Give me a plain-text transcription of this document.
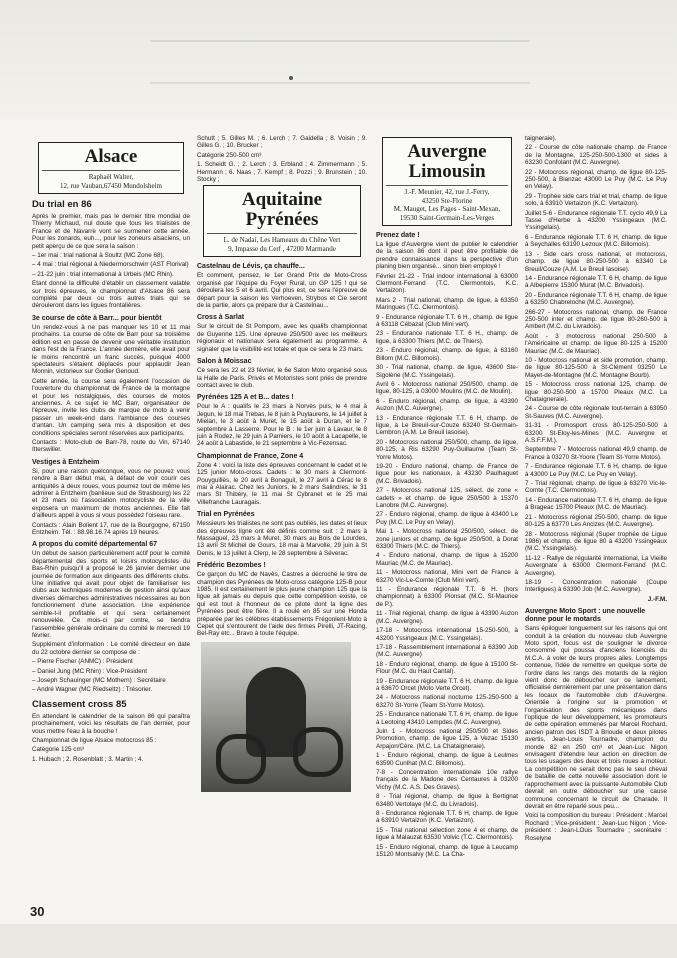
Alsace
Raphaël Walter,
12, rue Vauban,67450 Mundolsheim
Du trial en 86

Après le premier, mais pas le dernier titre mondial de Thierry Michaud, nul doute que tous les trialistes de France et de Navarre vont se surmener cette année. Pour les zonards, euh..., pour les zoneurs alsaciens, un petit aperçu de ce que sera la saison :

– 1er mai : trial national à Soultz (MC Zone 68).

– 4 mai : trial régional à Niedermorschwirr (AST Florival)

– 21-22 juin : trial international à Urbeis (MC Rhin).

Etant donné la difficulté d'établir un classement valable sur trois épreuves, le championnat d'Alsace 86 sera complété par deux ou trois autres trials qui se dérouleront dans les ligues frontalières.

3e course de côte à Barr... pour bientôt

Un rendez-vous à ne pas manquer les 10 et 11 mai prochains. La course de côte de Barr pour sa troisième édition est en passe de devenir une véritable institution dans l'est de la France. L'année dernière, elle avait pour le moins rencontré un franc succès, puisque 4000 spectateurs s'étaient déplacés pour applaudir Jean Monnin, victorieux sur Godier Genoud.

Cette année, la course sera également l'occasion de l'ouverture du championnat de France de la montagne et pour les nostalgiques, des courses de motos anciennes. A ce sujet le MC Barr, organisateur de l'épreuve, invite les clubs de marque de moto à venir passer un week-end dans l'ambiance des courses d'antan. Un camping sera mis à disposition et des conditions spéciales seront réservées aux participants.

Contacts : Moto-club de Barr-78, route du Vin, 67140 Itterswiller.

Vestiges à Entzheim

Si, pour une raison quelconque, vous ne pouvez vous rendre à Barr début mai, à défaut de voir courir ces antiquités à deux roues, vous pourrez tout de même les admirer à Entzheim (banlieue sud de Strasbourg) les 22 et 23 mars où l'association motocycliste de la ville exposera un maximum de motos anciennes. Elle fait d'ailleurs appel à vous si vous possédez l'oiseau rare.

Contacts : Alain Bolient 17, rue de la Bourgogne, 67150 Entzheim. Tél. : 88.98.16.74 après 19 heures.

A propos du comité départemental 67

Un début de saison particulièrement actif pour le comité départemental des sports et loisirs motocyclistes du Bas-Rhin puisqu'il a proposé le 26 janvier dernier une journée de formation aux dirigeants des différents clubs. Une initiative qui avait pour objet de familiariser les clubs aux techniques modernes de gestion ainsi qu'aux diverses démarches administratives nécessaires au bon fonctionnement d'une association. Une expérience semble-t-il profitable et qui sera certainement renouvelée. Ce mois-ci par contre, se tiendra l'assemblée générale ordinaire du comité le mercredi 19 février.

Supplément d'information : Le comité directeur en date du 22 octobre dernier se compose de :

– Pierre Fischer (ANMC) : Président

– Daniel Jung (MC Rhin) : Vice-Président

– Joseph Schauinger (MC Mothern) : Secrétaire

– André Wagner (MC Riedseltz) : Trésorier.

Classement cross 85

En attendant le calendrier de la saison 86 qui paraîtra prochainement, voici les résultats de l'an dernier, pour vous mettre l'eau à la bouche !

Championnat de ligue Alsace motocross 85 :

Catégorie 125 cm³

1. Hubach ; 2. Rosenblatt ; 3. Martin ; 4.

Schutt ; 5. Gilles M. ; 6. Lerch ; 7. Gaidella ; 8. Voisin ; 9. Gilles G. ; 10. Brucker ;

Catégorie 250-500 cm³

1. Scheidt G. ; 2. Lerch ; 3. Erbland ; 4. Zimmermann ; 5. Hermann ; 6. Naas ; 7. Kempf ; 8. Pozzi ; 9. Brunstein ; 10. Stocky ;

Aquitaine
Pyrénées
L. de Nadai, Les Hameaux du Chêne Vert
9, Impasse du Cerf , 47200 Marmande
Castelnau de Lévis, ça chauffe...

Et comment, pensez, le 1er Grand Prix de Moto-Cross organisé par l'équipe du Foyer Rural, un GP 125 ! qui se déroulera les 5 et 6 avril. Qui plus est, ce sera l'épreuve de départ pour la saison les Verhoeven, Strybos et Cie seront de la partie, alors ça prépare dur à Castelnau...

Cross à Sarlat

Sur le circuit de St Pompom, avec les qualifs championnat de Guyenne 125. Une épreuve 250/500 avec les meilleurs régionaux et nationaux sera également au programme. A signaler que la visibilité est totale et que ce sera le 23 mars.

Salon à Moissac

Ce sera les 22 et 23 février, le 6e Salon Moto organisé sous la Halle de Paris. Privés et Motoristes sont priés de prendre contact avec le club.

Pyrénées 125 A et B... dates !

Pour le A : qualifs le 23 mars à Norvès puis, le 4 mai à Jegun, le 18 mai Trebas, le 8 juin à Puylaurens, le 14 juillet à Mielan, le 3 août à Muret, le 15 août à Duran, et le 7 septembre à Lasserre. Pour le B : le 1er juin à Lavaur, le 8 juin à Rodez, le 29 juin à Pamiers, le 10 août à Lacapelle, le 24 août à Labastide, le 21 septembre à Vic-Fezensac.

Championnat de France, Zone 4

Zone 4 : voici la liste des épreuves concernant le cadet et le 125 junior Moto-cross. Cadets : le 30 mars à Clermont-Pouyguillès, le 20 avril à Bonaguil, le 27 avril à Cérac le 8 mai à Alairac. Chez les Juniors, le 2 mars Salindres, le 31 mars St Thibéry, le 11 mai St Cybranet et le 25 mai Villefranche Lauragais.

Trial en Pyrénées

Messieurs les trialistes ne sont pas oubliés, les dates et lieux des épreuves ligne ont été définis comme suit : 2 mars à Massaguel, 23 mars à Muret, 30 mars au Bois de Lourdes, 13 avril St Michel de Gours, 18 mai à Marvolle, 29 juin à St Denis, le 13 juillet à Clerp, le 28 septembre à Séverac.

Frédéric Bezombes !

Ce garçon du MC de Navès, Castres a décroché le titre de champion des Pyrénées de Moto-cross catégorie 125-B pour 1985. Il est certainement le plus jeune champion 125 que la ligue ait jamais eu depuis que cette compétition existe, ce qui est tout à l'honneur de ce pilote dont la ligne des Pyrénées peut être fière. Il a roulé en 85 sur une Honda préparée par les célèbres établissements Frégonlent-Moto à Cepet qui s'entourent de l'aide des firmes Pirelli, JT-Racing, Bel-Ray etc... Bravo à toute l'équipe.

Auvergne
Limousin
J.-F. Meunier, 42, rue J.-Ferry,
43250 Ste-Florine
M. Mauget, Les Pages - Saint-Mexan,
19530 Saint-Germain-Les-Verges
Prenez date !

La ligue d'Auvergne vient de publier le calendrier de la saison 86 dont il peut être profitable de prendre connaissance dans la perspective d'un planing bien organisé... sinon bien employé !

Février 21-22 - Trial indoor international à 63000 Clermont-Ferrand (T.C. Clermontois, K.C. Vertaizon).

Mars 2 - Trial national, champ. de ligue, à 63350 Maringues (T.C. Clermontois).

9 - Endurance régionale T.T. 6 H., champ. de ligue à 63118 Cébazat (Club Mini vert).

23 - Endurance nationale T.T. 6 H., champ. de ligue, à 63300 Thiers (M.C. de Thiers).

23 - Enduro régional, champ. de ligue, à 63160 Billom (M.C. Billomois).

30 - Trial national, champ. de ligue, 43600 Ste-Sigolène (M.C. Yssingelais).

Avril 6 - Motocross national 250/500, champ. de ligue, 80-125, à 03000 Moulins (M.C. de Moulin).

6 - Enduro régional, champ. de ligue, à 43390 Auzon (M.C. Auvergne).

13 - Endurance régionale T.T. 6 H, champ. de ligue, à Le Breuil-sur-Couze 63240 St-Germain-Lembron (A.M. Le Breuil lasoise).

20 - Motocross national 250/500, champ. de ligue, 80-125, à Ris 63290 Puy-Guillaume (Team St-Yorre Motos).

19-20 - Enduro national, champ. de France de ligue pour les nationaux, à 43230 Paulhaguet (M.C. Brivadois).

27 - Motocross national 125, sélect. de zone « cadets » et champ. de ligue 250/500 à 15370 Lanobre (M.C. Auvergne).

27 - Enduro régional, champ. de ligue à 43400 Le Puy (M.C. Le Puy en Velay).

Mai 1 - Motocross national 250/500, sélect. de zone juniors et champ. de ligue 250/500, à Dorat 63300 Thiers (M.C. de Thiers).

4 - Enduro national, champ. de ligue à 15200 Mauriac (M.C. de Mauriac).

11 - Motocross national, Mini vert de France à 63270 Vic-Le-Comte (Club Mini vert).

11 - Endurance régionale T.T. 6 H. (hors championnat) à 63300 Pionsat (M.C. St-Maurice de P.).

11 - Trial régional, champ. de ligue à 43390 Auzon (M.C. Auvergne).

17-18 - Motocross international 15-250-500, à 43200 Yssingeaux (M.C. Yssingelais).

17-18 - Rassemblement international à 63390 Job (M.C. Auvergne)

18 - Enduro régional, champ. de ligue à 15100 St-Flour (M.C. du Haut Cantal).

19 - Endurance régionale T.T. 6 H, champ. de ligue à 63670 Orcet (Moto Verte Orcet).

24 - Motocross national nocturne 125-250-500 à 63270 St-Yorre (Team St-Yorre Motos).

25 - Endurance nationale T.T. 6 H, champ. de ligue à Leotoing 43410 Lempdes (M.C. Auvergne).

Juin 1 - Motocross national 250/500 et Sides Promotion, champ. de ligue 125, à Vezac 15130 Arpajon/Cère. (M.C. La Chataigneraie).

1 - Enduro régional, champ. de ligue à Leulmes 63590 Cunlhat (M.C. Billomois).

7-8 - Concentration internationale 10e rallye français de la Madone des Centaures à 03200 Vichy (M.C. A.S. Des Graves).

8 - Trial régional, champ. de ligue à Bertignat 63480 Vertolaye (M.C. du Livradois).

8 - Endurance régionale T.T. 6 H, champ. de ligue à 63910 Vertaizon (K.C. Vertaizon).

15 - Trial national sélection zone 4 et champ. de ligue à Malauzat 63530 Volvic (T.C. Clermontois).

15 - Enduro régional, champ. de ligue à Leucamp 15120 Montsalvy (M.C. La Cha-

taigneraie).

22 - Course de côte nationale champ. de France de la Montagne, 125-250-500-1300 et sides à 63230 Confolant (M.C. Auvergne).

22 - Motocross régional, champ. de ligue 80-125-250-500, à Bianzac 43000 Le Puy (M.C. Le Puy en Velay).

29 - Trophée side cars trial et trial, champ. de ligue solo, à 63910 Vertaizon (K.C. Vertaizon).

Juillet 5-6 - Endurance régionale T.T. cyclo 49,9 La Tasse d'Herbe à 43200 Yssingeaux (M.C. Yssingelais).

6 - Endurance régionale T.T. 6 H, champ. de ligue à Seychalles 63190 Lezoux (M.C. Billomois).

13 - Side cars cross national, et motocross, champ. de ligue 80-250-500 à 63340 Le Breuil/Couze (A.M. Le Breuil lasoise).

14 - Endurance régionale T.T. 6 H, champ. de ligue à Albepierre 15300 Murat (M.C. Brivadois).

20 - Endurance régionale T.T. 6 H, champ. de ligue à 63250 Chabreloche (M.C. Auvergne).

266-27 - Motocross national, champ. de France 250-500 inter et champ. de ligue 80-260-500 à Ambert (M.C. du Livradois).

Août - 3 motocross national 250-500 à l'Américaine et champ. de ligue 80-125 à 15200 Mauriac (M.C. de Mauriac).

10 - Motocross national et side promotion, champ. de ligue 80-125-500 à St-Clément 03250 Le Mayet-de-Montagne (M.C. Montagne Bourb).

15 - Motocross cross national 125, champ. de ligue 80-250-500 à 15700 Pleaux (M.C. La Chataigneraie).

24 - Course de côte régionale tout-terrain à 63950 St-Sauves (M.C. Auvergne).

31-31 - Promosport cross 80-125-250-500 à 63200 St-Eloy-les-Mines (M.C. Auvergne et A.S.F.F.M.).

Septembre 7 - Motocross national 49,9 champ. de France à 03270 St-Yoore (Team St-Yorre Motos).

7 - Endurance régionale T.T. 6 H, champ. de ligue à 43000 Le Puy (M.C. Le Puy en Velay).

7 - Trial régional, champ. de ligue à 63270 Vic-le-Comte (T.C. Clermontois).

14 - Endurance nationale T.T. 6 H, champ. de ligue à Brageac 15700 Pleaux (M.C. de Mauriac).

21 - Motocross régional 250-500, champ. de ligue 80-125 à 63770 Les Ancizes (M.C. Auvergne).

28 - Motocross régional (Super trophée de Ligue 1986) et champ. de ligue 80 à 43200 Yssingeaux (M.C. Yssingelais).

11-12 - Rallye de régularité international, La Vieille Auvergnate à 63000 Clermont-Ferrand (M.C. Auvergne).

18-19 - Concentration nationale (Coupe Interligues) à 63390 Job (M.C. Auvergne).

J.-F.M.

Auvergne Moto Sport : une nouvelle donne pour le motards

Sans épiloguer longuement sur les raisons qui ont conduit à la création du nouveau club Auvergne Moto sport, focus est de souligner le divorce consommé qui poussa d'anciens licenciés du M.C.A. à voler de leurs propres ailes. Longtemps contenue, l'idée de remettre en quelque sorte de l'ordre dans les rangs des motards de la région vient donc de déboucher sur ce lancement, officialisé dernièrement par une présentation dans les locaux de l'automobile club d'Auvergne. Orientée à l'origine sur la promotion et l'organisation des sports mécaniques dans l'optique de leur développement, les promoteurs de cette opération emmenés par Marcel Rochard, ancien patron des ISDT à Brioude et deux pilotes avertis, Jean-Louis Tournadre, champion du monde 82 en 250 cm³ et Jean-Luc Nigon envisagent d'étendre leur action en direction de tous les usagers des deux et trois roues à moteur. La compétition ne serait donc pas le seul cheval de bataille de cette nouvelle association dont le rapprochement avec la puissante Automobile Club devrait en outre déboucher sur une cause commune concernant le circuit de Charade. Il devrait en être reparlé sous peu...

Voici la composition du bureau : Président : Marcel Rochard ; Vice-président : Jean-Luc Nigon ; Vice-président : Jean-LOuis Tournadre ; secrétaire : Roselyne

30
